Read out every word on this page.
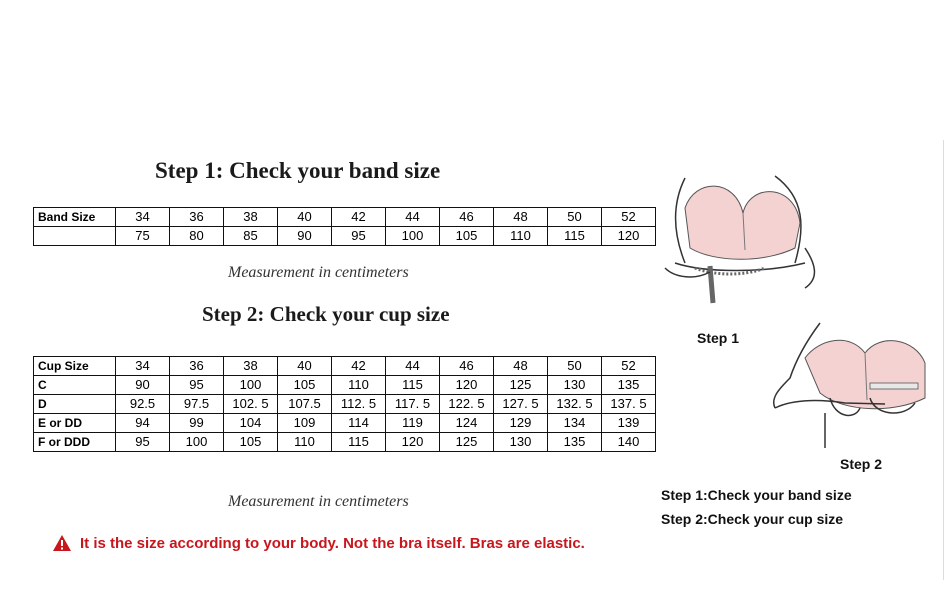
Step 1: Check your band size
Band Size	34	36	38	40	42	44	46	48	50	52
	75	80	85	90	95	100	105	110	115	120
Measurement in centimeters
Step 2: Check your cup size
Cup Size	34	36	38	40	42	44	46	48	50	52
C	90	95	100	105	110	115	120	125	130	135
D	92.5	97.5	102. 5	107.5	112. 5	117. 5	122. 5	127. 5	132. 5	137. 5
E or DD	94	99	104	109	114	119	124	129	134	139
F or DDD	95	100	105	110	115	120	125	130	135	140
Measurement in centimeters
It is the size according to your body. Not the bra itself. Bras are elastic.
Step 1
Step 2
Step 1:Check your band size
Step 2:Check your cup size
